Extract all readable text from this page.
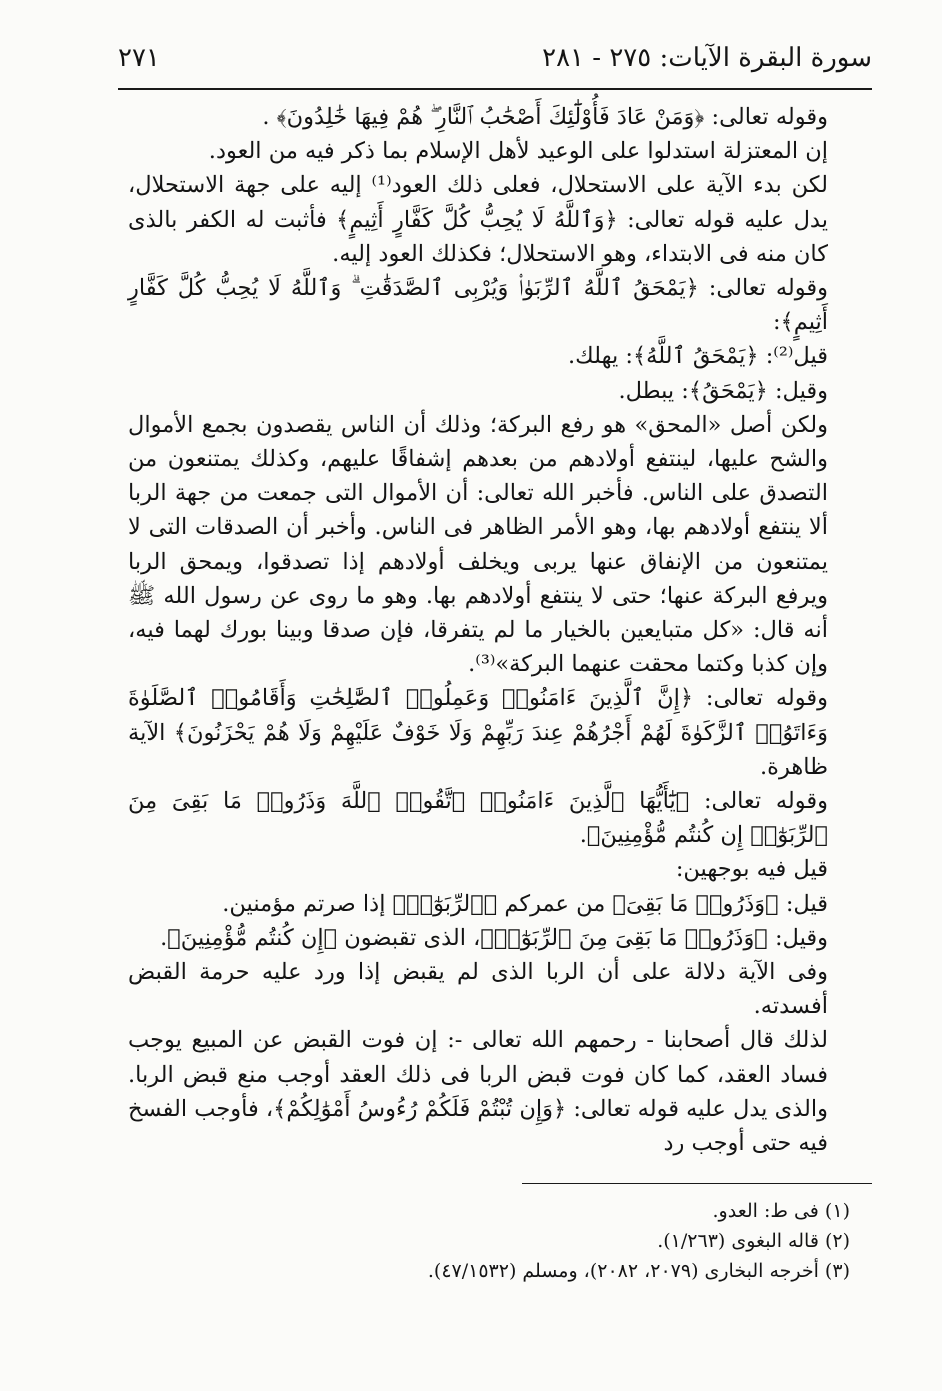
سورة البقرة الآيات: ٢٧٥ - ٢٨١
٢٧١

وقوله تعالى: ﴿وَمَنْ عَادَ فَأُوْلَٰٓئِكَ أَصْحَٰبُ ٱلنَّارِ ۖ هُمْ فِيهَا خَٰلِدُونَ﴾ .

إن المعتزلة استدلوا على الوعيد لأهل الإسلام بما ذكر فيه من العود.

لكن بدء الآية على الاستحلال، فعلى ذلك العود⁽¹⁾ إليه على جهة الاستحلال، يدل عليه قوله تعالى: ﴿وَٱللَّهُ لَا يُحِبُّ كُلَّ كَفَّارٍ أَثِيمٍ﴾ فأثبت له الكفر بالذى كان منه فى الابتداء، وهو الاستحلال؛ فكذلك العود إليه.

وقوله تعالى: ﴿يَمْحَقُ ٱللَّهُ ٱلرِّبَوٰا۟ وَيُرْبِى ٱلصَّدَقَٰتِ ۗ وَٱللَّهُ لَا يُحِبُّ كُلَّ كَفَّارٍ أَثِيمٍ﴾:

قيل⁽²⁾: ﴿يَمْحَقُ ٱللَّهُ﴾: يهلك.

وقيل: ﴿يَمْحَقُ﴾: يبطل.

ولكن أصل «المحق» هو رفع البركة؛ وذلك أن الناس يقصدون بجمع الأموال والشح عليها، لينتفع أولادهم من بعدهم إشفاقًا عليهم، وكذلك يمتنعون من التصدق على الناس. فأخبر الله تعالى: أن الأموال التى جمعت من جهة الربا ألا ينتفع أولادهم بها، وهو الأمر الظاهر فى الناس. وأخبر أن الصدقات التى لا يمتنعون من الإنفاق عنها يربى ويخلف أولادهم إذا تصدقوا، ويمحق الربا ويرفع البركة عنها؛ حتى لا ينتفع أولادهم بها. وهو ما روى عن رسول الله ﷺ أنه قال: «كل متبايعين بالخيار ما لم يتفرقا، فإن صدقا وبينا بورك لهما فيه، وإن كذبا وكتما محقت عنهما البركة»⁽³⁾.

وقوله تعالى: ﴿إِنَّ ٱلَّذِينَ ءَامَنُوا۟ وَعَمِلُوا۟ ٱلصَّٰلِحَٰتِ وَأَقَامُوا۟ ٱلصَّلَوٰةَ وَءَاتَوُا۟ ٱلزَّكَوٰةَ لَهُمْ أَجْرُهُمْ عِندَ رَبِّهِمْ وَلَا خَوْفٌ عَلَيْهِمْ وَلَا هُمْ يَحْزَنُونَ﴾ الآية ظاهرة.

وقوله تعالى: ﴿يَٰٓأَيُّهَا ٱلَّذِينَ ءَامَنُوا۟ ٱتَّقُوا۟ ٱللَّهَ وَذَرُوا۟ مَا بَقِىَ مِنَ ٱلرِّبَوٰٓا۟ إِن كُنتُم مُّؤْمِنِينَ﴾.

قيل فيه بوجهين:

قيل: ﴿وَذَرُوا۟ مَا بَقِىَ﴾ من عمركم ﴿ٱلرِّبَوٰٓا۟﴾ إذا صرتم مؤمنين.

وقيل: ﴿وَذَرُوا۟ مَا بَقِىَ مِنَ ٱلرِّبَوٰٓا۟﴾، الذى تقبضون ﴿إِن كُنتُم مُّؤْمِنِينَ﴾.

وفى الآية دلالة على أن الربا الذى لم يقبض إذا ورد عليه حرمة القبض أفسدته.

لذلك قال أصحابنا - رحمهم الله تعالى -: إن فوت القبض عن المبيع يوجب فساد العقد، كما كان فوت قبض الربا فى ذلك العقد أوجب منع قبض الربا. والذى يدل عليه قوله تعالى: ﴿وَإِن تُبْتُمْ فَلَكُمْ رُءُوسُ أَمْوَٰلِكُمْ﴾، فأوجب الفسخ فيه حتى أوجب رد

(١) فى ط: العدو.

(٢) قاله البغوى (١/٢٦٣).

(٣) أخرجه البخارى (٢٠٧٩، ٢٠٨٢)، ومسلم (٤٧/١٥٣٢).
